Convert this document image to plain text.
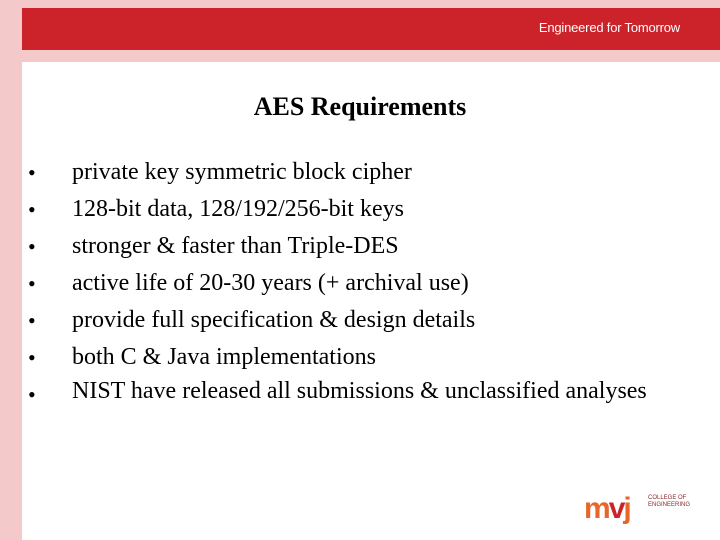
Engineered for Tomorrow
AES Requirements
• private key symmetric block cipher
• 128-bit data, 128/192/256-bit keys
• stronger & faster than Triple-DES
• active life of 20-30 years (+ archival use)
• provide full specification & design details
• both C & Java implementations
• NIST have released all submissions & unclassified analyses
mvj	COLLEGE OF
ENGINEERING
